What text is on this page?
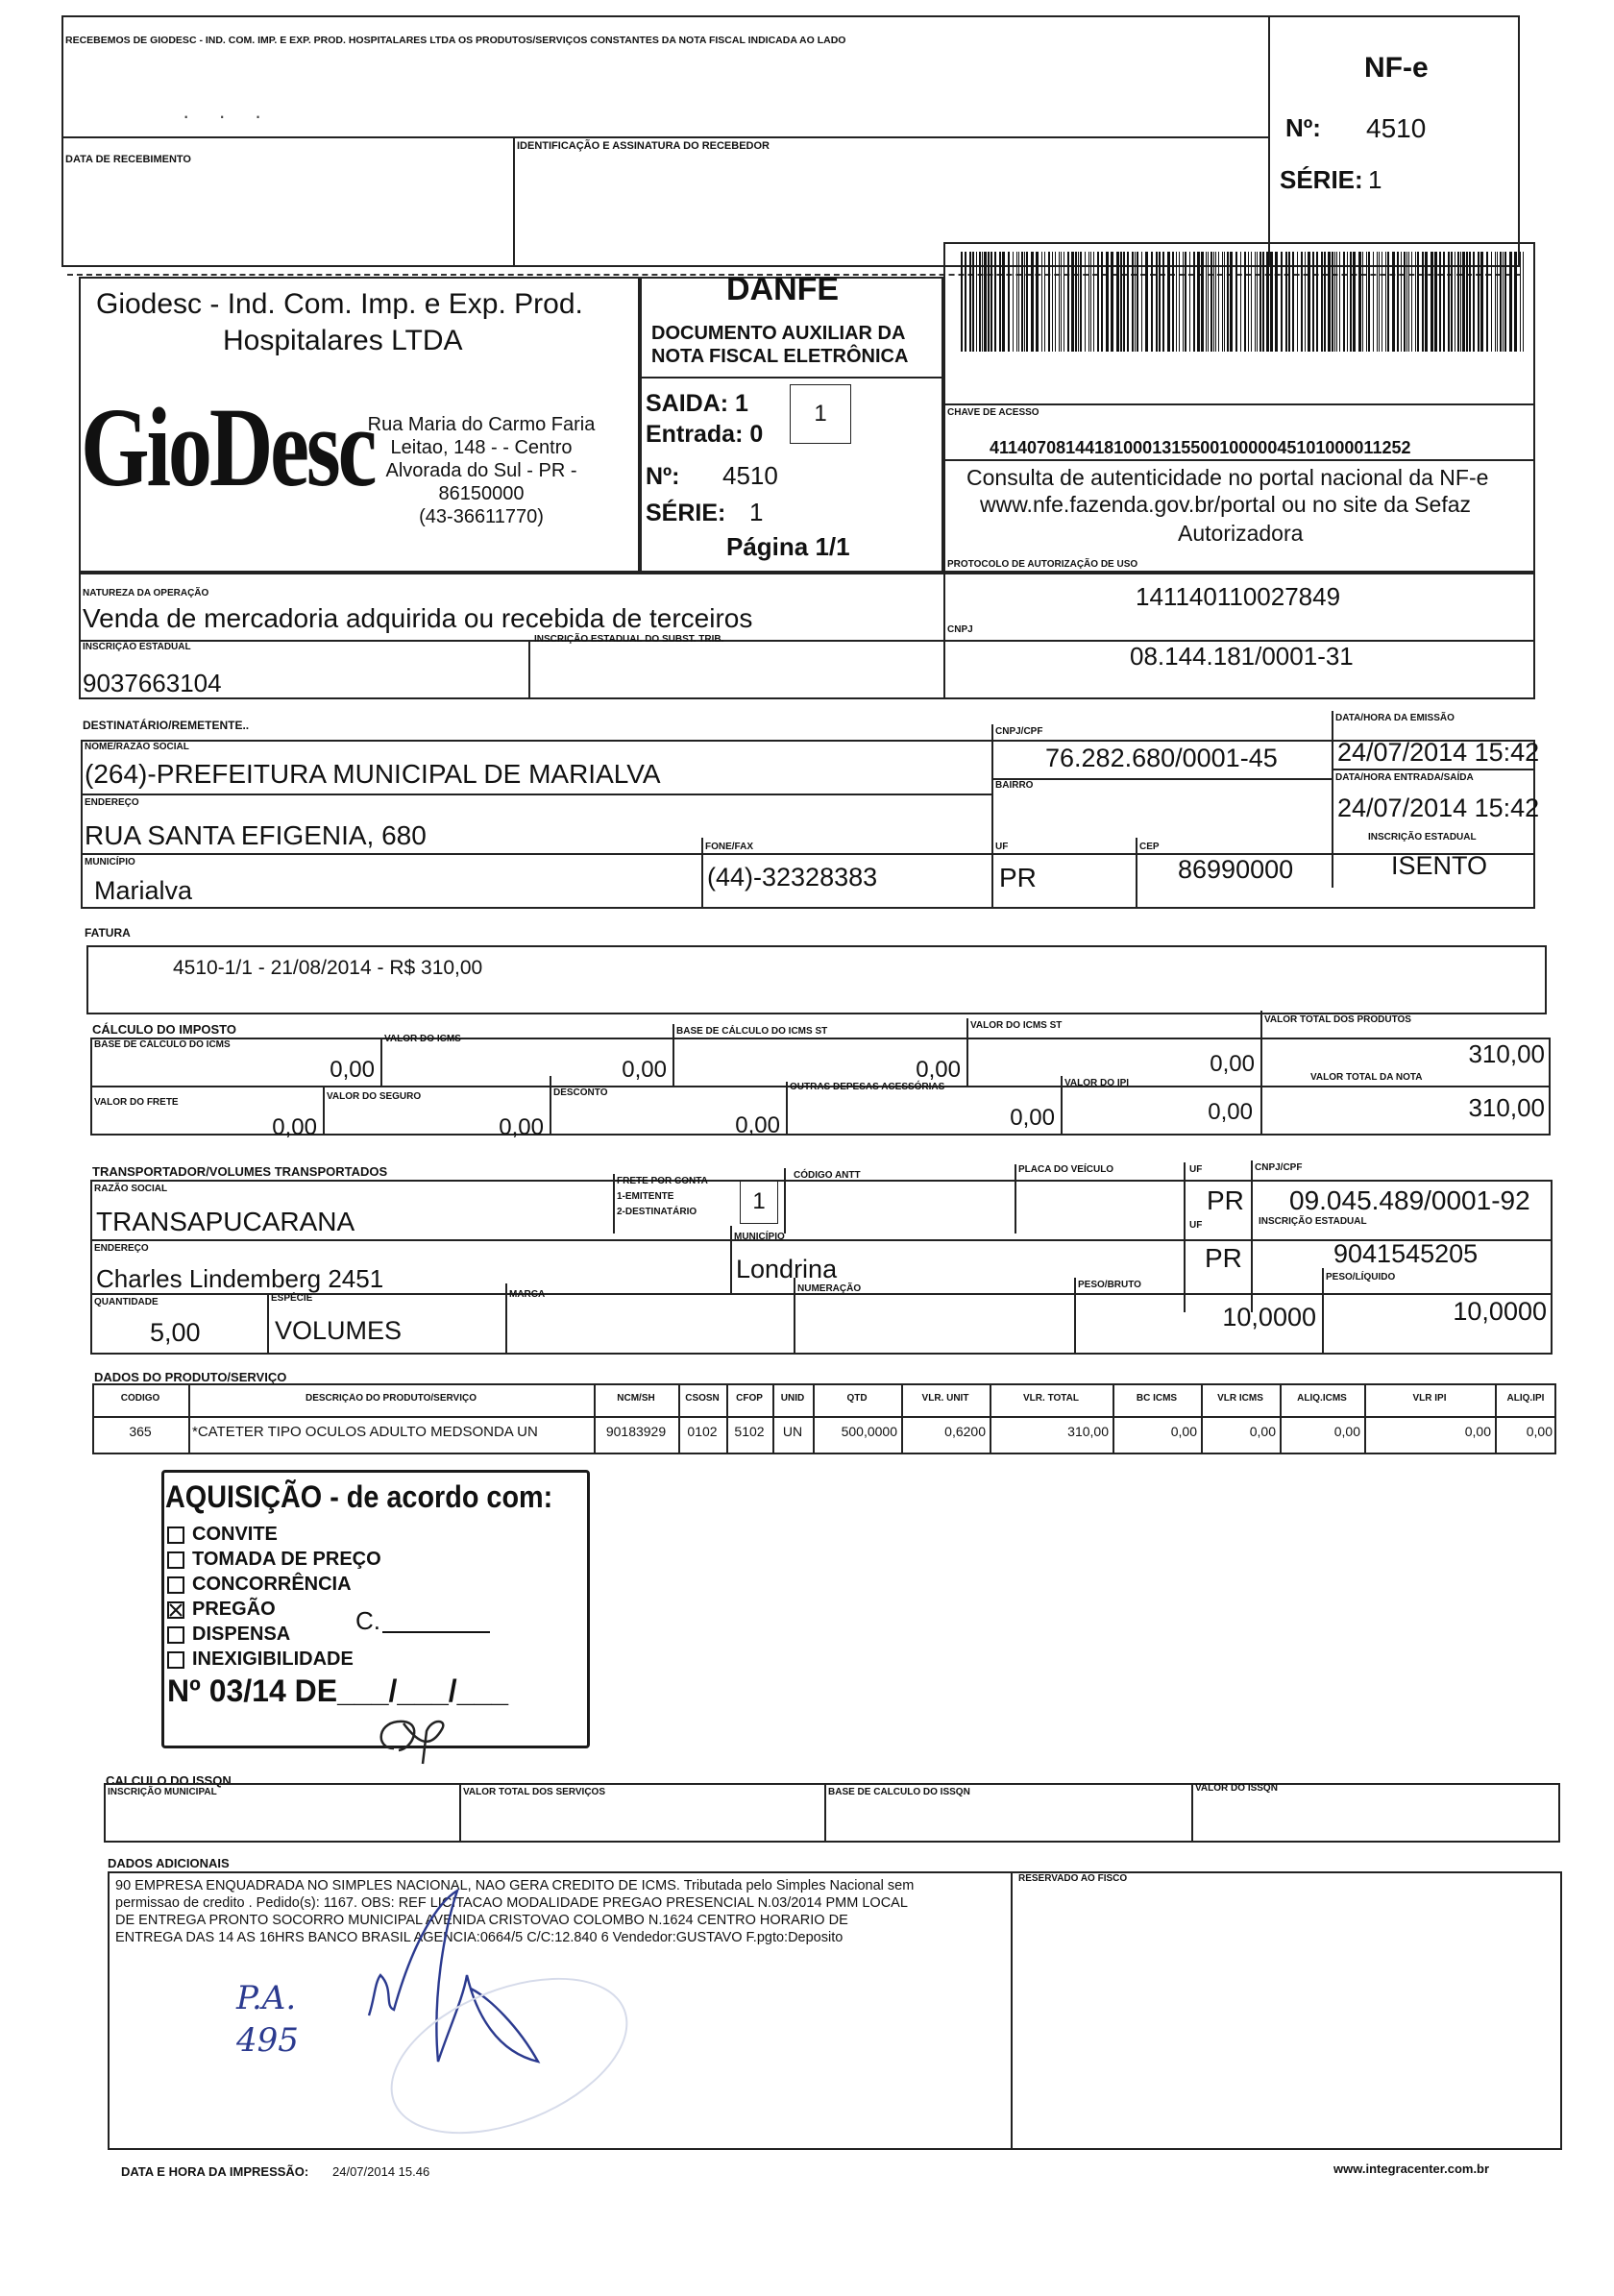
RECEBEMOS DE GIODESC - IND. COM. IMP. E EXP. PROD. HOSPITALARES LTDA OS PRODUTOS/SERVIÇOS CONSTANTES DA NOTA FISCAL INDICADA AO LADO
DATA DE RECEBIMENTO
IDENTIFICAÇÃO E ASSINATURA DO RECEBEDOR
· · ·
NF-e
Nº: 4510
SÉRIE: 1
Giodesc - Ind. Com. Imp. e Exp. Prod.
Hospitalares LTDA
GioDesc
Rua Maria do Carmo Faria
Leitao, 148 - - Centro
Alvorada do Sul - PR -
86150000
(43-36611770)
DANFE
DOCUMENTO AUXILIAR DA
NOTA FISCAL ELETRÔNICA
SAIDA: 1
Entrada: 0
1
Nº: 4510
SÉRIE: 1
Página 1/1
CHAVE DE ACESSO
41140708144181000131550010000045101000011252
Consulta de autenticidade no portal nacional da NF-e
www.nfe.fazenda.gov.br/portal ou no site da Sefaz
Autorizadora
NATUREZA DA OPERAÇÃO
Venda de mercadoria adquirida ou recebida de terceiros
PROTOCOLO DE AUTORIZAÇÃO DE USO
141140110027849
CNPJ
08.144.181/0001-31
INSCRIÇÃO ESTADUAL
9037663104
INSCRIÇÃO ESTADUAL DO SUBST. TRIB.
DESTINATÁRIO/REMETENTE..
NOME/RAZÃO SOCIAL
(264)-PREFEITURA MUNICIPAL DE MARIALVA
CNPJ/CPF
76.282.680/0001-45
DATA/HORA DA EMISSÃO
24/07/2014 15:42
ENDEREÇO
RUA SANTA EFIGENIA, 680
BAIRRO
DATA/HORA ENTRADA/SAÍDA
24/07/2014 15:42
MUNICÍPIO
Marialva
FONE/FAX
(44)-32328383
UF
PR
CEP
86990000
INSCRIÇÃO ESTADUAL
ISENTO
FATURA
4510-1/1 - 21/08/2014 - R$ 310,00
CÁLCULO DO IMPOSTO
BASE DE CÁLCULO DO ICMS
0,00
VALOR DO ICMS
0,00
BASE DE CÁLCULO DO ICMS ST
0,00
VALOR DO ICMS ST
0,00
VALOR TOTAL DOS PRODUTOS
310,00
VALOR DO FRETE
0,00
VALOR DO SEGURO
0,00
DESCONTO
0,00
OUTRAS DEPESAS ACESSÓRIAS
0,00
VALOR DO IPI
0,00
VALOR TOTAL DA NOTA
310,00
TRANSPORTADOR/VOLUMES TRANSPORTADOS
RAZÃO SOCIAL
TRANSAPUCARANA
FRETE POR CONTA
1-EMITENTE
2-DESTINATÁRIO	1
CÓDIGO ANTT
PLACA DO VEÍCULO	UF
PR
CNPJ/CPF
09.045.489/0001-92
ENDEREÇO
Charles Lindemberg 2451
MUNICÍPIO
Londrina
UF
PR
INSCRIÇÃO ESTADUAL
9041545205
QUANTIDADE
5,00
ESPÉCIE
VOLUMES
MARCA
NUMERAÇÃO	PESO/BRUTO
10,0000
PESO/LÍQUIDO
10,0000
DADOS DO PRODUTO/SERVIÇO
CÓDIGO	DESCRIÇÃO DO PRODUTO/SERVIÇO	NCM/SH	CSOSN	CFOP	UNID	QTD	VLR. UNIT	VLR. TOTAL	BC ICMS	VLR ICMS	ALÍQ.ICMS	VLR IPI	ALÍQ.IPI
365	*CATETER TIPO OCULOS ADULTO MEDSONDA UN	90183929	0102	5102	UN	500,0000	0,6200	310,00	0,00	0,00	0,00	0,00	0,00
AQUISIÇÃO - de acordo com:
CONVITE
TOMADA DE PREÇO
CONCORRÊNCIA
PREGÃO
DISPENSA
INEXIGIBILIDADE
C.
Nº 03/14 DE___/___/___
CALCULO DO ISSQN
INSCRIÇÃO MUNICIPAL	VALOR TOTAL DOS SERVIÇOS	BASE DE CALCULO DO ISSQN	VALOR DO ISSQN
DADOS ADICIONAIS
90 EMPRESA ENQUADRADA NO SIMPLES NACIONAL, NAO GERA CREDITO DE ICMS. Tributada pelo Simples Nacional sem
permissao de credito . Pedido(s): 1167. OBS: REF LICITACAO MODALIDADE PREGAO PRESENCIAL N.03/2014 PMM LOCAL
DE ENTREGA PRONTO SOCORRO MUNICIPAL AVENIDA CRISTOVAO COLOMBO N.1624 CENTRO HORARIO DE
ENTREGA DAS 14 AS 16HRS BANCO BRASIL AGENCIA:0664/5 C/C:12.840 6 Vendedor:GUSTAVO F.pgto:Deposito
RESERVADO AO FISCO
P.A.
495
DATA E HORA DA IMPRESSÃO: 24/07/2014 15.46	www.integracenter.com.br
